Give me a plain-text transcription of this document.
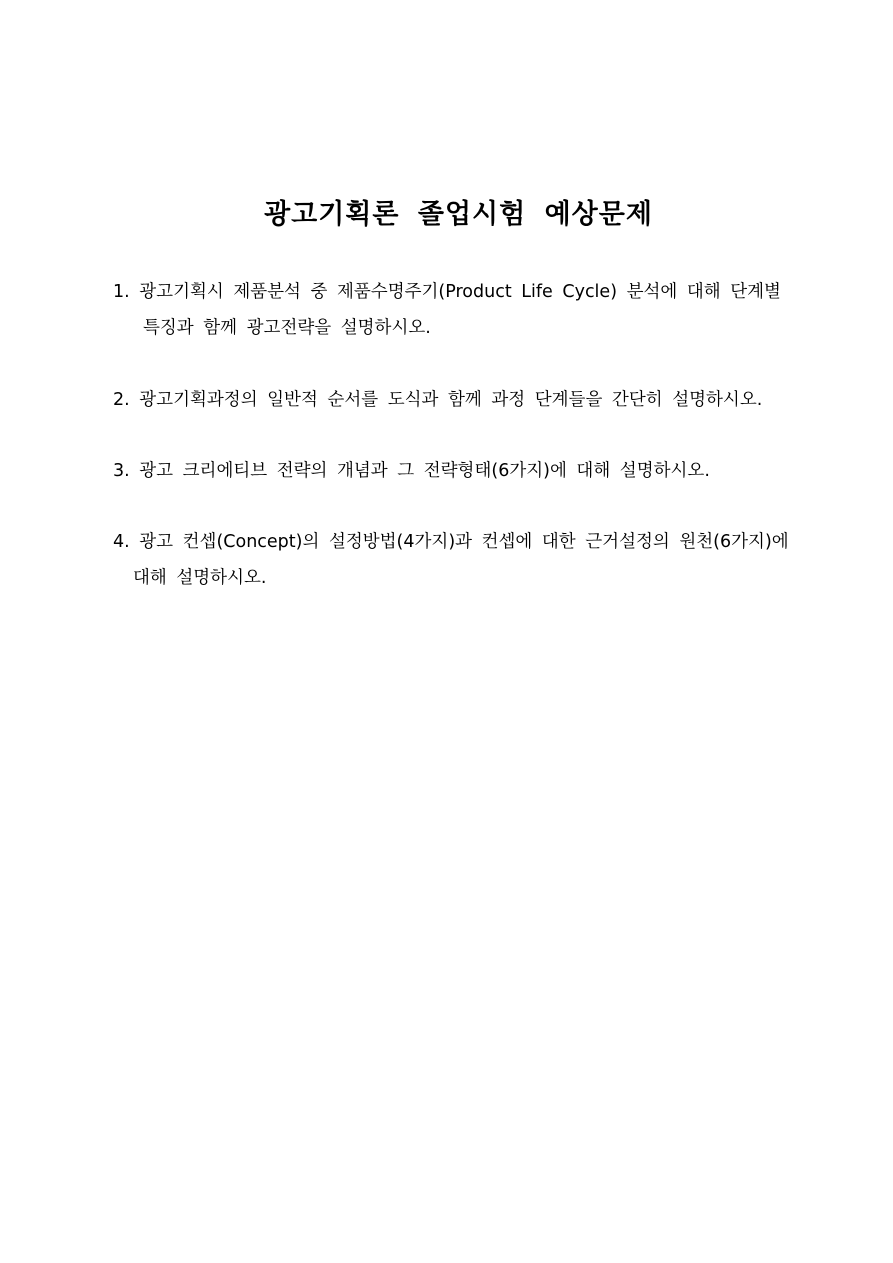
광고기획론 졸업시험 예상문제
1. 광고기획시 제품분석 중 제품수명주기(Product Life Cycle) 분석에 대해 단계별
특징과 함께 광고전략을 설명하시오.
2. 광고기획과정의 일반적 순서를 도식과 함께 과정 단계들을 간단히 설명하시오.
3. 광고 크리에티브 전략의 개념과 그 전략형태(6가지)에 대해 설명하시오.
4. 광고 컨셉(Concept)의 설정방법(4가지)과 컨셉에 대한 근거설정의 원천(6가지)에
대해 설명하시오.
